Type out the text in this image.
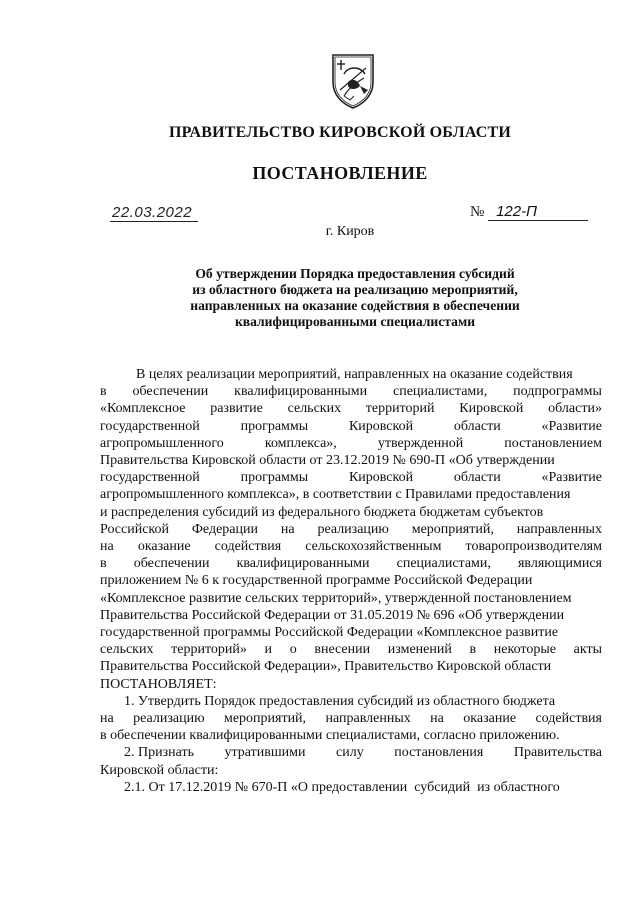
ПРАВИТЕЛЬСТВО КИРОВСКОЙ ОБЛАСТИ
ПОСТАНОВЛЕНИЕ
22.03.2022	№ 122-П
г. Киров
Об утверждении Порядка предоставления субсидий
из областного бюджета на реализацию мероприятий,
направленных на оказание содействия в обеспечении
квалифицированными специалистами
В целях реализации мероприятий, направленных на оказание содействия
в обеспечении квалифицированными специалистами, подпрограммы
«Комплексное развитие сельских территорий Кировской области»
государственной	программы	Кировской	области	«Развитие
агропромышленного	комплекса»,	утвержденной	постановлением
Правительства Кировской области от 23.12.2019 № 690-П «Об утверждении
государственной	программы	Кировской	области	«Развитие
агропромышленного комплекса», в соответствии с Правилами предоставления
и распределения субсидий из федерального бюджета бюджетам субъектов
Российской Федерации на реализацию мероприятий, направленных
на оказание содействия сельскохозяйственным товаропроизводителям
в обеспечении квалифицированными специалистами, являющимися
приложением № 6 к государственной программе Российской Федерации
«Комплексное развитие сельских территорий», утвержденной постановлением
Правительства Российской Федерации от 31.05.2019 № 696 «Об утверждении
государственной программы Российской Федерации «Комплексное развитие
сельских территорий» и о внесении изменений в некоторые акты
Правительства Российской Федерации», Правительство Кировской области
ПОСТАНОВЛЯЕТ:
1. Утвердить Порядок предоставления субсидий из областного бюджета
на реализацию мероприятий, направленных на оказание содействия
в обеспечении квалифицированными специалистами, согласно приложению.
2. Признать утратившими силу постановления Правительства
Кировской области:
2.1. От 17.12.2019 № 670-П «О предоставлении  субсидий  из областного
